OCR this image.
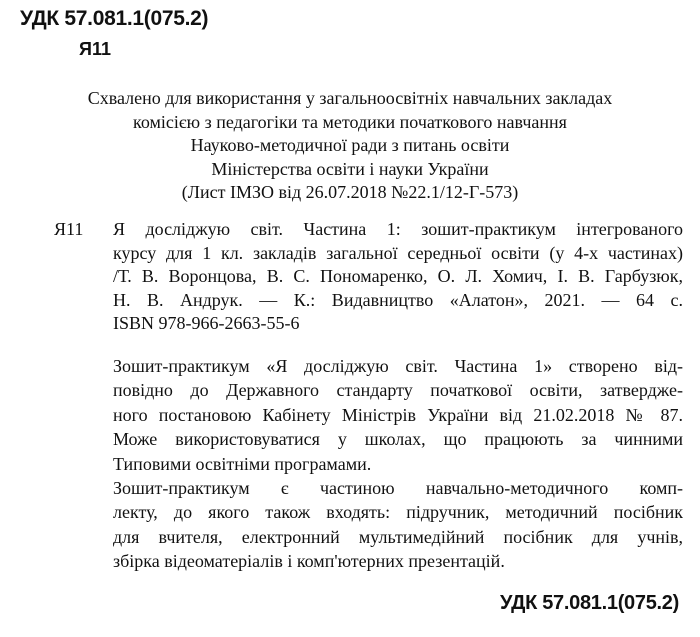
УДК 57.081.1(075.2)
Я11
Схвалено для використання у загальноосвітніх навчальних закладах
комісією з педагогіки та методики початкового навчання
Науково-методичної ради з питань освіти
Міністерства освіти і науки України
(Лист ІМЗО від 26.07.2018 №22.1/12-Г-573)
Я11 Я досліджую світ. Частина 1: зошит-практикум інтегрованого
курсу для 1 кл. закладів загальної середньої освіти (у 4-х частинах)
/Т. В. Воронцова, В. С. Пономаренко, О. Л. Хомич, І. В. Гарбузюк,
Н. В. Андрук. — К.: Видавництво «Алатон», 2021. — 64 с.
ISBN 978-966-2663-55-6
Зошит-практикум «Я досліджую світ. Частина 1» створено від-
повідно до Державного стандарту початкової освіти, затвердже-
ного постановою Кабінету Міністрів України від 21.02.2018 № 87.
Може використовуватися у школах, що працюють за чинними
Типовими освітніми програмами.
Зошит-практикум є частиною навчально-методичного комп-
лекту, до якого також входять: підручник, методичний посібник
для вчителя, електронний мультимедійний посібник для учнів,
збірка відеоматеріалів і комп'ютерних презентацій.
УДК 57.081.1(075.2)
